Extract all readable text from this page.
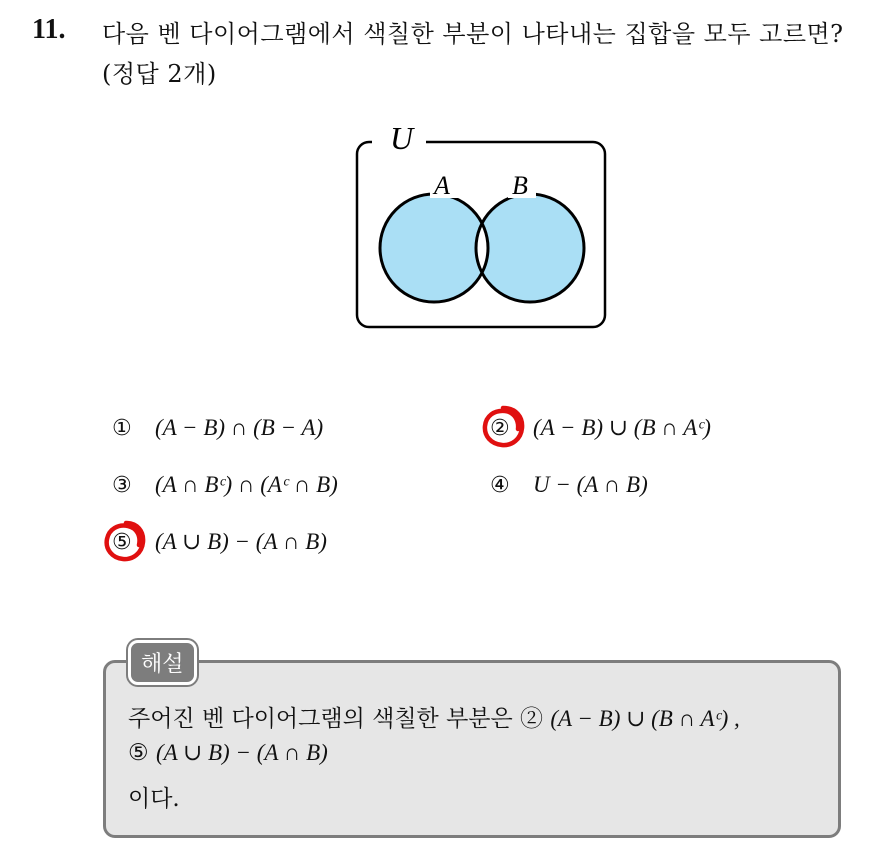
11. 다음 벤 다이어그램에서 색칠한 부분이 나타내는 집합을 모두 고르면?(정답 2개)
U
A B
① (A − B) ∩ (B − A)	② (A − B) ∪ (B ∩ Aᶜ)
③ (A ∩ Bᶜ) ∩ (Aᶜ ∩ B)	④ U − (A ∩ B)
⑤ (A ∪ B) − (A ∩ B)
해설
주어진 벤 다이어그램의 색칠한 부분은 ② (A − B) ∪ (B ∩ Aᶜ) ,
⑤ (A ∪ B) − (A ∩ B)
이다.
